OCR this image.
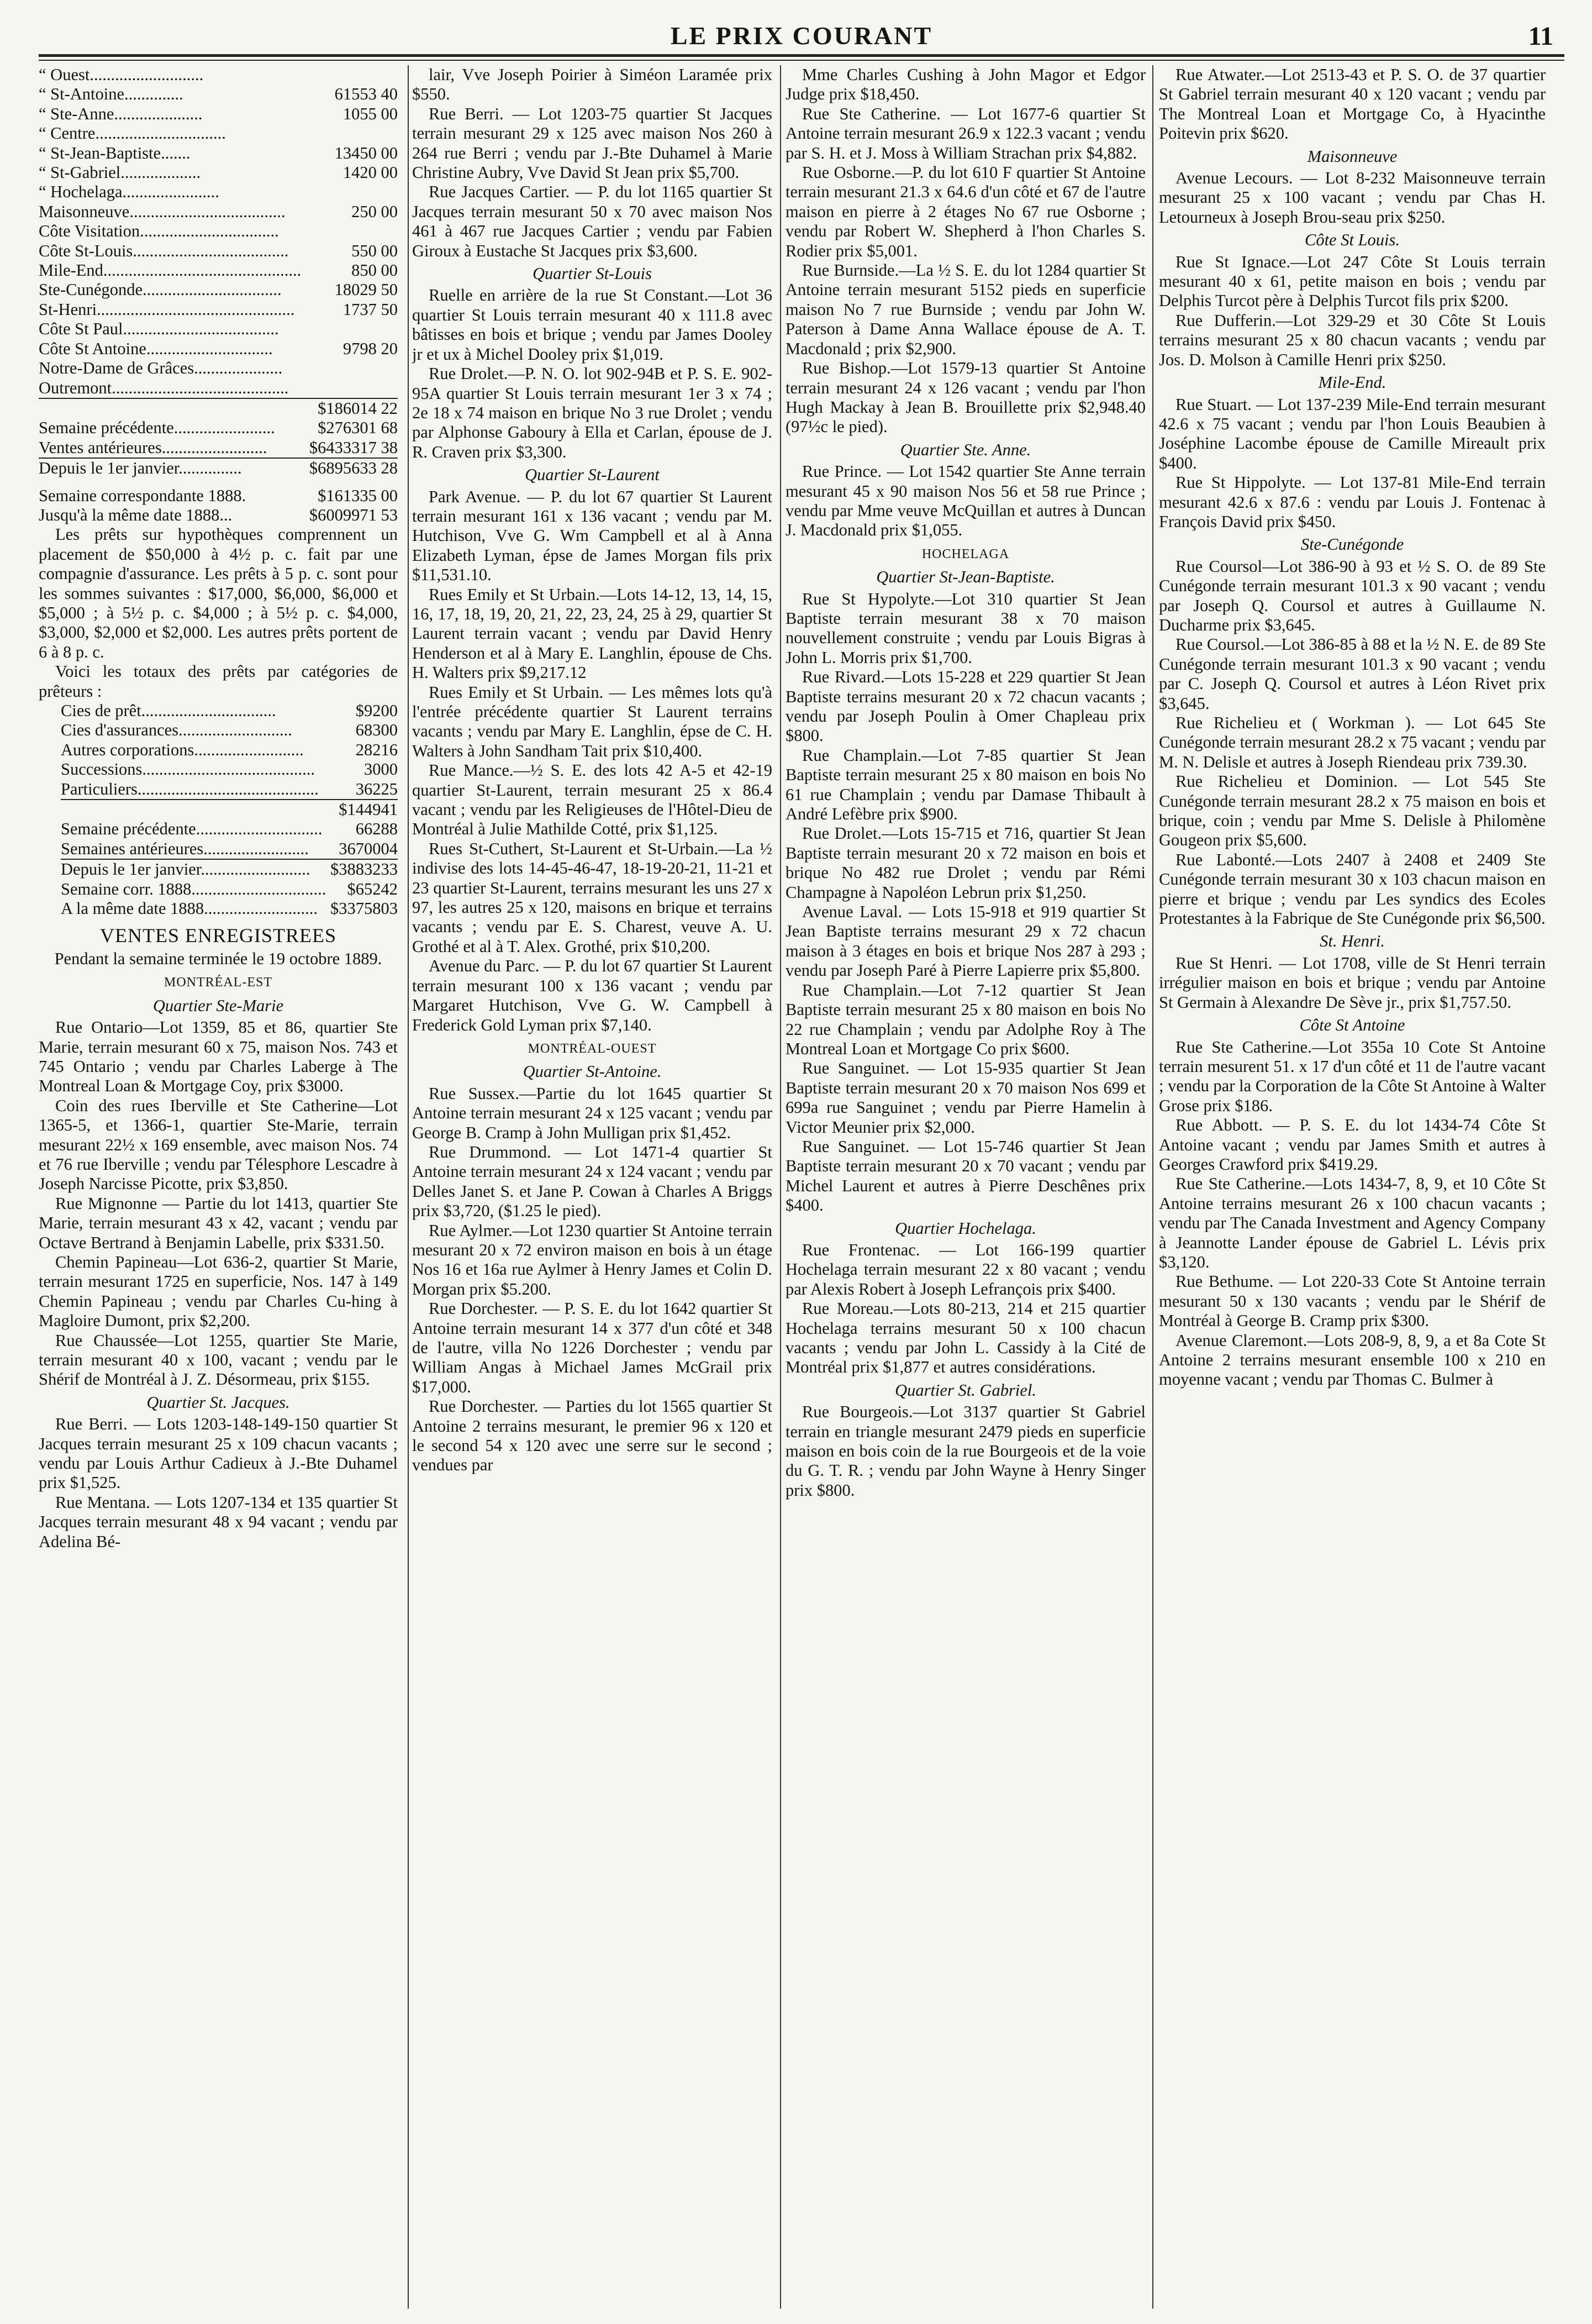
LE PRIX COURANT	11
“ Ouest...........................
“ St-Antoine..............	61553 40
“ Ste-Anne.....................	1055 00
“ Centre...............................
“ St-Jean-Baptiste.......	13450 00
“ St-Gabriel...................	1420 00
“ Hochelaga.......................
Maisonneuve.....................................	250 00
Côte Visitation.................................
Côte St-Louis.....................................	550 00
Mile-End...............................................	850 00
Ste-Cunégonde.................................	18029 50
St-Henri...............................................	1737 50
Côte St Paul.....................................
Côte St Antoine..............................	9798 20
Notre-Dame de Grâces.....................
Outremont..........................................
$186014 22
Semaine précédente........................	$276301 68
Ventes antérieures.........................	$6433317 38
Depuis le 1er janvier...............	$6895633 28
Semaine correspondante 1888.	$161335 00
Jusqu'à la même date 1888...	$6009971 53

Les prêts sur hypothèques comprennent un placement de $50,000 à 4½ p. c. fait par une compagnie d'assurance. Les prêts à 5 p. c. sont pour les sommes suivantes : $17,000, $6,000, $6,000 et $5,000 ; à 5½ p. c. $4,000 ; à 5½ p. c. $4,000, $3,000, $2,000 et $2,000. Les autres prêts portent de 6 à 8 p. c.

Voici les totaux des prêts par catégories de prêteurs :

Cies de prêt................................	$9200
Cies d'assurances...........................	68300
Autres corporations..........................	28216
Successions.........................................	3000
Particuliers........................................... 36225
$144941
Semaine précédente.............................. 66288
Semaines antérieures......................... 3670004
Depuis le 1er janvier.......................... $3883233
Semaine corr. 1888................................ $65242
A la même date 1888........................... $3375803
VENTES ENREGISTREES

Pendant la semaine terminée le 19 octobre 1889.

MONTRÉAL-EST
Quartier Ste-Marie

Rue Ontario—Lot 1359, 85 et 86, quartier Ste Marie, terrain mesurant 60 x 75, maison Nos. 743 et 745 Ontario ; vendu par Charles Laberge à The Montreal Loan & Mortgage Coy, prix $3000.

Coin des rues Iberville et Ste Catherine—Lot 1365-5, et 1366-1, quartier Ste-Marie, terrain mesurant 22½ x 169 ensemble, avec maison Nos. 74 et 76 rue Iberville ; vendu par Télesphore Lescadre à Joseph Narcisse Picotte, prix $3,850.

Rue Mignonne — Partie du lot 1413, quartier Ste Marie, terrain mesurant 43 x 42, vacant ; vendu par Octave Bertrand à Benjamin Labelle, prix $331.50.

Chemin Papineau—Lot 636-2, quartier St Marie, terrain mesurant 1725 en superficie, Nos. 147 à 149 Chemin Papineau ; vendu par Charles Cu-hing à Magloire Dumont, prix $2,200.

Rue Chaussée—Lot 1255, quartier Ste Marie, terrain mesurant 40 x 100, vacant ; vendu par le Shérif de Montréal à J. Z. Désormeau, prix $155.

Quartier St. Jacques.

Rue Berri. — Lots 1203-148-149-150 quartier St Jacques terrain mesurant 25 x 109 chacun vacants ; vendu par Louis Arthur Cadieux à J.-Bte Duhamel prix $1,525.

Rue Mentana. — Lots 1207-134 et 135 quartier St Jacques terrain mesurant 48 x 94 vacant ; vendu par Adelina Bé-

lair, Vve Joseph Poirier à Siméon Laramée prix $550.

Rue Berri. — Lot 1203-75 quartier St Jacques terrain mesurant 29 x 125 avec maison Nos 260 à 264 rue Berri ; vendu par J.-Bte Duhamel à Marie Christine Aubry, Vve David St Jean prix $5,700.

Rue Jacques Cartier. — P. du lot 1165 quartier St Jacques terrain mesurant 50 x 70 avec maison Nos 461 à 467 rue Jacques Cartier ; vendu par Fabien Giroux à Eustache St Jacques prix $3,600.

Quartier St-Louis

Ruelle en arrière de la rue St Constant.—Lot 36 quartier St Louis terrain mesurant 40 x 111.8 avec bâtisses en bois et brique ; vendu par James Dooley jr et ux à Michel Dooley prix $1,019.

Rue Drolet.—P. N. O. lot 902-94B et P. S. E. 902-95A quartier St Louis terrain mesurant 1er 3 x 74 ; 2e 18 x 74 maison en brique No 3 rue Drolet ; vendu par Alphonse Gaboury à Ella et Carlan, épouse de J. R. Craven prix $3,300.

Quartier St-Laurent

Park Avenue. — P. du lot 67 quartier St Laurent terrain mesurant 161 x 136 vacant ; vendu par M. Hutchison, Vve G. Wm Campbell et al à Anna Elizabeth Lyman, épse de James Morgan fils prix $11,531.10.

Rues Emily et St Urbain.—Lots 14-12, 13, 14, 15, 16, 17, 18, 19, 20, 21, 22, 23, 24, 25 à 29, quartier St Laurent terrain vacant ; vendu par David Henry Henderson et al à Mary E. Langhlin, épouse de Chs. H. Walters prix $9,217.12

Rues Emily et St Urbain. — Les mêmes lots qu'à l'entrée précédente quartier St Laurent terrains vacants ; vendu par Mary E. Langhlin, épse de C. H. Walters à John Sandham Tait prix $10,400.

Rue Mance.—½ S. E. des lots 42 A-5 et 42-19 quartier St-Laurent, terrain mesurant 25 x 86.4 vacant ; vendu par les Religieuses de l'Hôtel-Dieu de Montréal à Julie Mathilde Cotté, prix $1,125.

Rues St-Cuthert, St-Laurent et St-Urbain.—La ½ indivise des lots 14-45-46-47, 18-19-20-21, 11-21 et 23 quartier St-Laurent, terrains mesurant les uns 27 x 97, les autres 25 x 120, maisons en brique et terrains vacants ; vendu par E. S. Charest, veuve A. U. Grothé et al à T. Alex. Grothé, prix $10,200.

Avenue du Parc. — P. du lot 67 quartier St Laurent terrain mesurant 100 x 136 vacant ; vendu par Margaret Hutchison, Vve G. W. Campbell à Frederick Gold Lyman prix $7,140.

MONTRÉAL-OUEST
Quartier St-Antoine.

Rue Sussex.—Partie du lot 1645 quartier St Antoine terrain mesurant 24 x 125 vacant ; vendu par George B. Cramp à John Mulligan prix $1,452.

Rue Drummond. — Lot 1471-4 quartier St Antoine terrain mesurant 24 x 124 vacant ; vendu par Delles Janet S. et Jane P. Cowan à Charles A Briggs prix $3,720, ($1.25 le pied).

Rue Aylmer.—Lot 1230 quartier St Antoine terrain mesurant 20 x 72 environ maison en bois à un étage Nos 16 et 16a rue Aylmer à Henry James et Colin D. Morgan prix $5.200.

Rue Dorchester. — P. S. E. du lot 1642 quartier St Antoine terrain mesurant 14 x 377 d'un côté et 348 de l'autre, villa No 1226 Dorchester ; vendu par William Angas à Michael James McGrail prix $17,000.

Rue Dorchester. — Parties du lot 1565 quartier St Antoine 2 terrains mesurant, le premier 96 x 120 et le second 54 x 120 avec une serre sur le second ; vendues par

Mme Charles Cushing à John Magor et Edgor Judge prix $18,450.

Rue Ste Catherine. — Lot 1677-6 quartier St Antoine terrain mesurant 26.9 x 122.3 vacant ; vendu par S. H. et J. Moss à William Strachan prix $4,882.

Rue Osborne.—P. du lot 610 F quartier St Antoine terrain mesurant 21.3 x 64.6 d'un côté et 67 de l'autre maison en pierre à 2 étages No 67 rue Osborne ; vendu par Robert W. Shepherd à l'hon Charles S. Rodier prix $5,001.

Rue Burnside.—La ½ S. E. du lot 1284 quartier St Antoine terrain mesurant 5152 pieds en superficie maison No 7 rue Burnside ; vendu par John W. Paterson à Dame Anna Wallace épouse de A. T. Macdonald ; prix $2,900.

Rue Bishop.—Lot 1579-13 quartier St Antoine terrain mesurant 24 x 126 vacant ; vendu par l'hon Hugh Mackay à Jean B. Brouillette prix $2,948.40 (97½c le pied).

Quartier Ste. Anne.

Rue Prince. — Lot 1542 quartier Ste Anne terrain mesurant 45 x 90 maison Nos 56 et 58 rue Prince ; vendu par Mme veuve McQuillan et autres à Duncan J. Macdonald prix $1,055.

HOCHELAGA
Quartier St-Jean-Baptiste.

Rue St Hypolyte.—Lot 310 quartier St Jean Baptiste terrain mesurant 38 x 70 maison nouvellement construite ; vendu par Louis Bigras à John L. Morris prix $1,700.

Rue Rivard.—Lots 15-228 et 229 quartier St Jean Baptiste terrains mesurant 20 x 72 chacun vacants ; vendu par Joseph Poulin à Omer Chapleau prix $800.

Rue Champlain.—Lot 7-85 quartier St Jean Baptiste terrain mesurant 25 x 80 maison en bois No 61 rue Champlain ; vendu par Damase Thibault à André Lefèbre prix $900.

Rue Drolet.—Lots 15-715 et 716, quartier St Jean Baptiste terrain mesurant 20 x 72 maison en bois et brique No 482 rue Drolet ; vendu par Rémi Champagne à Napoléon Lebrun prix $1,250.

Avenue Laval. — Lots 15-918 et 919 quartier St Jean Baptiste terrains mesurant 29 x 72 chacun maison à 3 étages en bois et brique Nos 287 à 293 ; vendu par Joseph Paré à Pierre Lapierre prix $5,800.

Rue Champlain.—Lot 7-12 quartier St Jean Baptiste terrain mesurant 25 x 80 maison en bois No 22 rue Champlain ; vendu par Adolphe Roy à The Montreal Loan et Mortgage Co prix $600.

Rue Sanguinet. — Lot 15-935 quartier St Jean Baptiste terrain mesurant 20 x 70 maison Nos 699 et 699a rue Sanguinet ; vendu par Pierre Hamelin à Victor Meunier prix $2,000.

Rue Sanguinet. — Lot 15-746 quartier St Jean Baptiste terrain mesurant 20 x 70 vacant ; vendu par Michel Laurent et autres à Pierre Deschênes prix $400.

Quartier Hochelaga.

Rue Frontenac. — Lot 166-199 quartier Hochelaga terrain mesurant 22 x 80 vacant ; vendu par Alexis Robert à Joseph Lefrançois prix $400.

Rue Moreau.—Lots 80-213, 214 et 215 quartier Hochelaga terrains mesurant 50 x 100 chacun vacants ; vendu par John L. Cassidy à la Cité de Montréal prix $1,877 et autres considérations.

Quartier St. Gabriel.

Rue Bourgeois.—Lot 3137 quartier St Gabriel terrain en triangle mesurant 2479 pieds en superficie maison en bois coin de la rue Bourgeois et de la voie du G. T. R. ; vendu par John Wayne à Henry Singer prix $800.

Rue Atwater.—Lot 2513-43 et P. S. O. de 37 quartier St Gabriel terrain mesurant 40 x 120 vacant ; vendu par The Montreal Loan et Mortgage Co, à Hyacinthe Poitevin prix $620.

Maisonneuve

Avenue Lecours. — Lot 8-232 Maisonneuve terrain mesurant 25 x 100 vacant ; vendu par Chas H. Letourneux à Joseph Brou-seau prix $250.

Côte St Louis.

Rue St Ignace.—Lot 247 Côte St Louis terrain mesurant 40 x 61, petite maison en bois ; vendu par Delphis Turcot père à Delphis Turcot fils prix $200.

Rue Dufferin.—Lot 329-29 et 30 Côte St Louis terrains mesurant 25 x 80 chacun vacants ; vendu par Jos. D. Molson à Camille Henri prix $250.

Mile-End.

Rue Stuart. — Lot 137-239 Mile-End terrain mesurant 42.6 x 75 vacant ; vendu par l'hon Louis Beaubien à Joséphine Lacombe épouse de Camille Mireault prix $400.

Rue St Hippolyte. — Lot 137-81 Mile-End terrain mesurant 42.6 x 87.6 : vendu par Louis J. Fontenac à François David prix $450.

Ste-Cunégonde

Rue Coursol—Lot 386-90 à 93 et ½ S. O. de 89 Ste Cunégonde terrain mesurant 101.3 x 90 vacant ; vendu par Joseph Q. Coursol et autres à Guillaume N. Ducharme prix $3,645.

Rue Coursol.—Lot 386-85 à 88 et la ½ N. E. de 89 Ste Cunégonde terrain mesurant 101.3 x 90 vacant ; vendu par C. Joseph Q. Coursol et autres à Léon Rivet prix $3,645.

Rue Richelieu et ( Workman ). — Lot 645 Ste Cunégonde terrain mesurant 28.2 x 75 vacant ; vendu par M. N. Delisle et autres à Joseph Riendeau prix 739.30.

Rue Richelieu et Dominion. — Lot 545 Ste Cunégonde terrain mesurant 28.2 x 75 maison en bois et brique, coin ; vendu par Mme S. Delisle à Philomène Gougeon prix $5,600.

Rue Labonté.—Lots 2407 à 2408 et 2409 Ste Cunégonde terrain mesurant 30 x 103 chacun maison en pierre et brique ; vendu par Les syndics des Ecoles Protestantes à la Fabrique de Ste Cunégonde prix $6,500.

St. Henri.

Rue St Henri. — Lot 1708, ville de St Henri terrain irrégulier maison en bois et brique ; vendu par Antoine St Germain à Alexandre De Sève jr., prix $1,757.50.

Côte St Antoine

Rue Ste Catherine.—Lot 355a 10 Cote St Antoine terrain mesurent 51. x 17 d'un côté et 11 de l'autre vacant ; vendu par la Corporation de la Côte St Antoine à Walter Grose prix $186.

Rue Abbott. — P. S. E. du lot 1434-74 Côte St Antoine vacant ; vendu par James Smith et autres à Georges Crawford prix $419.29.

Rue Ste Catherine.—Lots 1434-7, 8, 9, et 10 Côte St Antoine terrains mesurant 26 x 100 chacun vacants ; vendu par The Canada Investment and Agency Company à Jeannotte Lander épouse de Gabriel L. Lévis prix $3,120.

Rue Bethume. — Lot 220-33 Cote St Antoine terrain mesurant 50 x 130 vacants ; vendu par le Shérif de Montréal à George B. Cramp prix $300.

Avenue Claremont.—Lots 208-9, 8, 9, a et 8a Cote St Antoine 2 terrains mesurant ensemble 100 x 210 en moyenne vacant ; vendu par Thomas C. Bulmer à
